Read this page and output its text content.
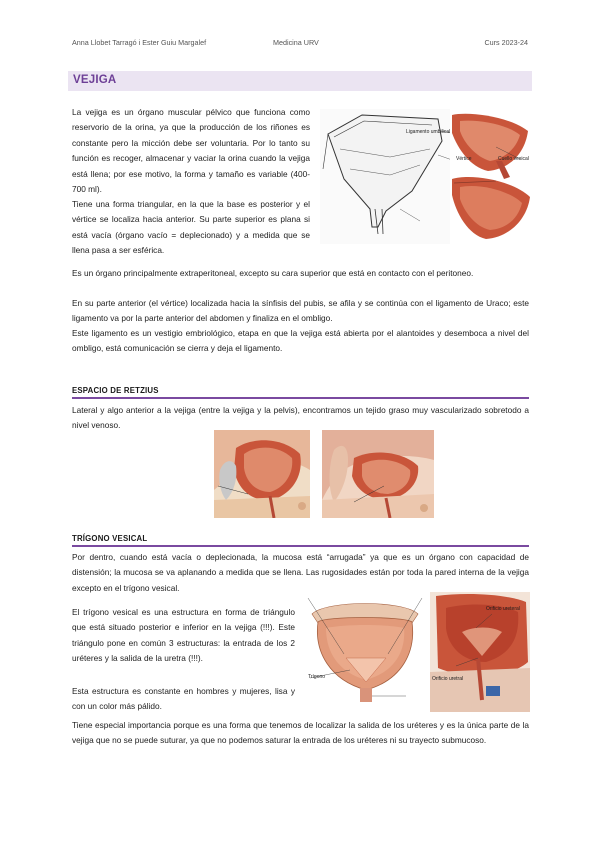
Anna Llobet Tarragó i Ester Guiu Margalef	Medicina URV	Curs 2023-24
VEJIGA

La vejiga es un órgano muscular pélvico que funciona como reservorio de la orina, ya que la producción de los riñones es constante pero la micción debe ser voluntaria. Por lo tanto su función es recoger, almacenar y vaciar la orina cuando la vejiga está llena; por ese motivo, la forma y tamaño es variable (400-700 ml).

Tiene una forma triangular, en la que la base es posterior y el vértice se localiza hacia anterior. Su parte superior es plana si está vacía (órgano vacío = deplecionado) y a medida que se llena pasa a ser esférica.

Ligamento umbilical
Vértice	Cuello vesical

Es un órgano principalmente extraperitoneal, excepto su cara superior que está en contacto con el peritoneo.

En su parte anterior (el vértice) localizada hacia la sínfisis del pubis, se afila y se continúa con el ligamento de Uraco; este ligamento va por la parte anterior del abdomen y finaliza en el ombligo.

Este ligamento es un vestigio embriológico, etapa en que la vejiga está abierta por el alantoides y desemboca a nivel del ombligo, está comunicación se cierra y deja el ligamento.

ESPACIO DE RETZIUS

Lateral y algo anterior a la vejiga (entre la vejiga y la pelvis), encontramos un tejido graso muy vascularizado sobretodo a nivel venoso.

TRÍGONO VESICAL

Por dentro, cuando está vacía o deplecionada, la mucosa está “arrugada” ya que es un órgano con capacidad de distensión; la mucosa se va aplanando a medida que se llena. Las rugosidades están por toda la pared interna de la vejiga excepto en el trígono vesical.

El trígono vesical es una estructura en forma de triángulo que está situado posterior e inferior en la vejiga (!!!). Este triángulo pone en común 3 estructuras: la entrada de los 2 uréteres y la salida de la uretra (!!!).

Esta estructura es constante en hombres y mujeres, lisa y con un color más pálido.

Orificio ureteral
Trígono	Orificio uretral

Tiene especial importancia porque es una forma que tenemos de localizar la salida de los uréteres y es la única parte de la vejiga que no se puede suturar, ya que no podemos saturar la entrada de los uréteres ni su trayecto submucoso.
